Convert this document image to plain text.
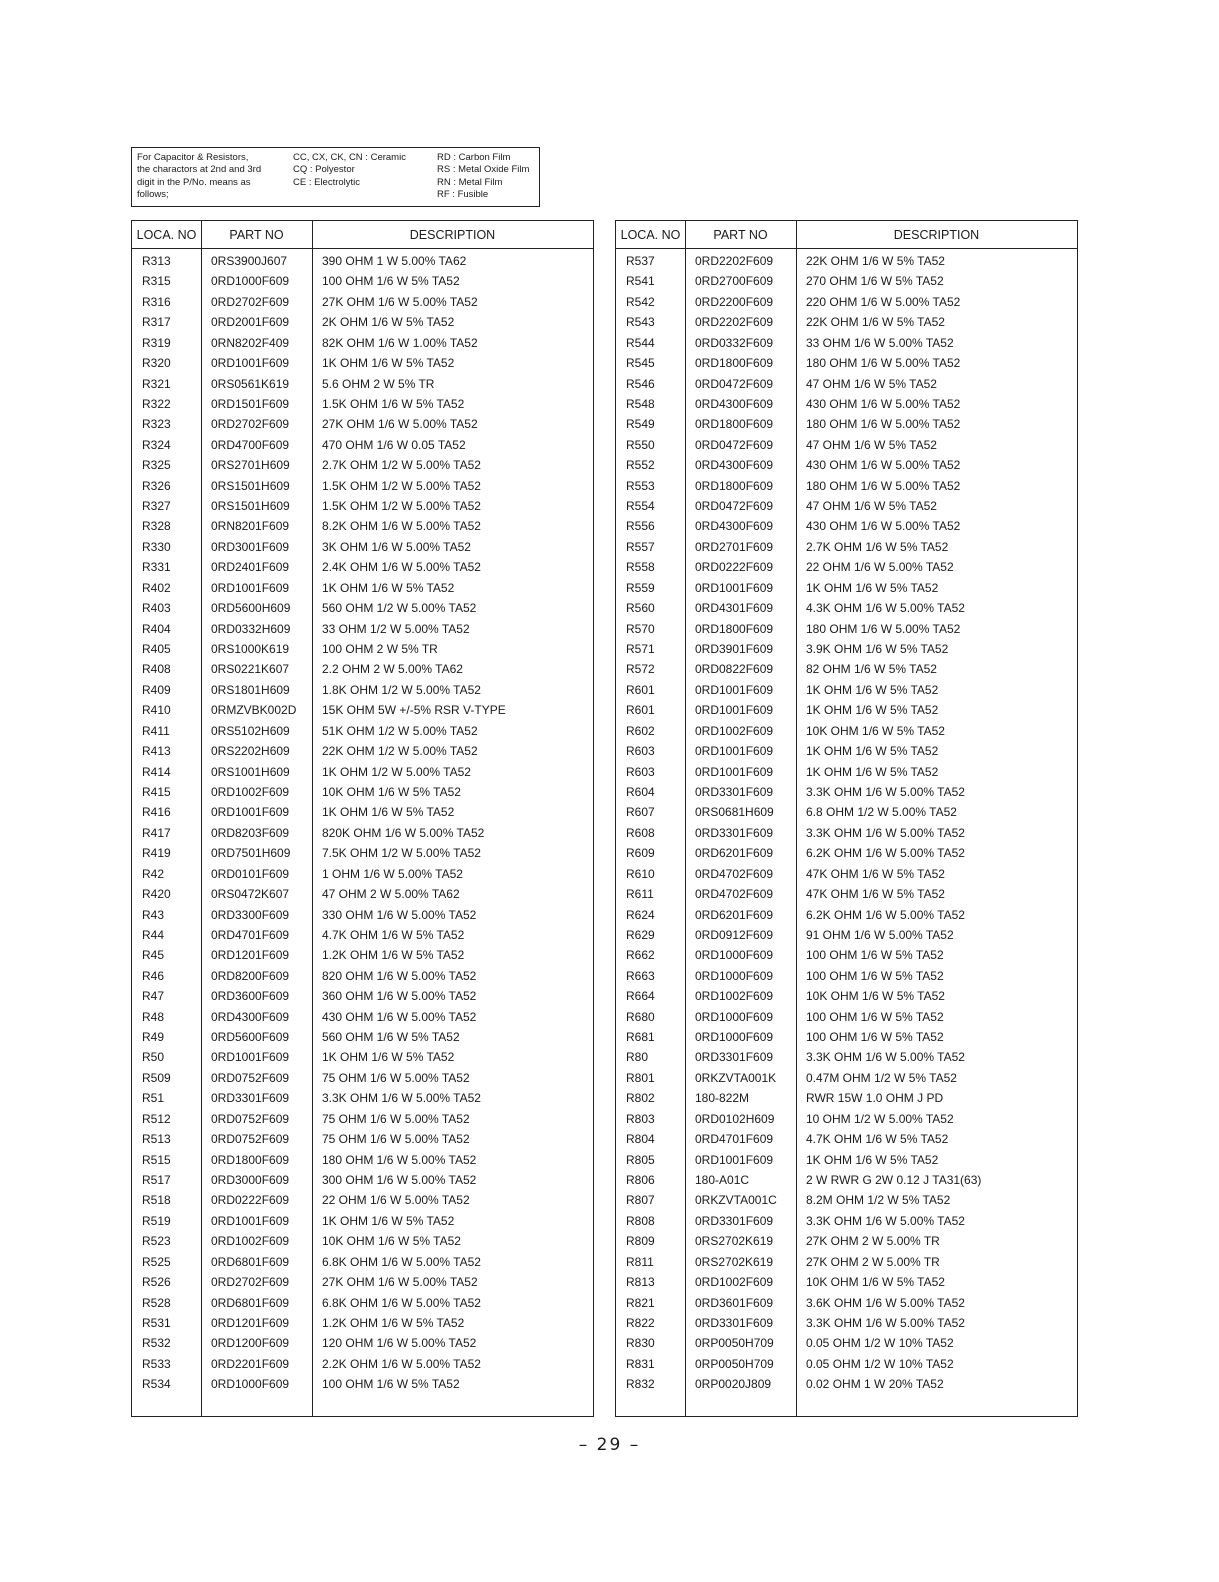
For Capacitor & Resistors,
the charactors at 2nd and 3rd
digit in the P/No. means as
follows;
CC, CX, CK, CN : Ceramic
CQ : Polyestor
CE : Electrolytic
RD : Carbon Film
RS : Metal Oxide Film
RN : Metal Film
RF : Fusible
LOCA. NO	PART NO	DESCRIPTION
R313	0RS3900J607	390 OHM 1 W 5.00% TA62
R315	0RD1000F609	100 OHM 1/6 W 5% TA52
R316	0RD2702F609	27K OHM 1/6 W 5.00% TA52
R317	0RD2001F609	2K OHM 1/6 W 5% TA52
R319	0RN8202F409	82K OHM 1/6 W 1.00% TA52
R320	0RD1001F609	1K OHM 1/6 W 5% TA52
R321	0RS0561K619	5.6 OHM 2 W 5% TR
R322	0RD1501F609	1.5K OHM 1/6 W 5% TA52
R323	0RD2702F609	27K OHM 1/6 W 5.00% TA52
R324	0RD4700F609	470 OHM 1/6 W 0.05 TA52
R325	0RS2701H609	2.7K OHM 1/2 W 5.00% TA52
R326	0RS1501H609	1.5K OHM 1/2 W 5.00% TA52
R327	0RS1501H609	1.5K OHM 1/2 W 5.00% TA52
R328	0RN8201F609	8.2K OHM 1/6 W 5.00% TA52
R330	0RD3001F609	3K OHM 1/6 W 5.00% TA52
R331	0RD2401F609	2.4K OHM 1/6 W 5.00% TA52
R402	0RD1001F609	1K OHM 1/6 W 5% TA52
R403	0RD5600H609	560 OHM 1/2 W 5.00% TA52
R404	0RD0332H609	33 OHM 1/2 W 5.00% TA52
R405	0RS1000K619	100 OHM 2 W 5% TR
R408	0RS0221K607	2.2 OHM 2 W 5.00% TA62
R409	0RS1801H609	1.8K OHM 1/2 W 5.00% TA52
R410	0RMZVBK002D 15K OHM 5W +/-5% RSR V-TYPE
R411	0RS5102H609	51K OHM 1/2 W 5.00% TA52
R413	0RS2202H609	22K OHM 1/2 W 5.00% TA52
R414	0RS1001H609	1K OHM 1/2 W 5.00% TA52
R415	0RD1002F609	10K OHM 1/6 W 5% TA52
R416	0RD1001F609	1K OHM 1/6 W 5% TA52
R417	0RD8203F609	820K OHM 1/6 W 5.00% TA52
R419	0RD7501H609	7.5K OHM 1/2 W 5.00% TA52
R42	0RD0101F609	1 OHM 1/6 W 5.00% TA52
R420	0RS0472K607	47 OHM 2 W 5.00% TA62
R43	0RD3300F609	330 OHM 1/6 W 5.00% TA52
R44	0RD4701F609	4.7K OHM 1/6 W 5% TA52
R45	0RD1201F609	1.2K OHM 1/6 W 5% TA52
R46	0RD8200F609	820 OHM 1/6 W 5.00% TA52
R47	0RD3600F609	360 OHM 1/6 W 5.00% TA52
R48	0RD4300F609	430 OHM 1/6 W 5.00% TA52
R49	0RD5600F609	560 OHM 1/6 W 5% TA52
R50	0RD1001F609	1K OHM 1/6 W 5% TA52
R509	0RD0752F609	75 OHM 1/6 W 5.00% TA52
R51	0RD3301F609	3.3K OHM 1/6 W 5.00% TA52
R512	0RD0752F609	75 OHM 1/6 W 5.00% TA52
R513	0RD0752F609	75 OHM 1/6 W 5.00% TA52
R515	0RD1800F609	180 OHM 1/6 W 5.00% TA52
R517	0RD3000F609	300 OHM 1/6 W 5.00% TA52
R518	0RD0222F609	22 OHM 1/6 W 5.00% TA52
R519	0RD1001F609	1K OHM 1/6 W 5% TA52
R523	0RD1002F609	10K OHM 1/6 W 5% TA52
R525	0RD6801F609	6.8K OHM 1/6 W 5.00% TA52
R526	0RD2702F609	27K OHM 1/6 W 5.00% TA52
R528	0RD6801F609	6.8K OHM 1/6 W 5.00% TA52
R531	0RD1201F609	1.2K OHM 1/6 W 5% TA52
R532	0RD1200F609	120 OHM 1/6 W 5.00% TA52
R533	0RD2201F609	2.2K OHM 1/6 W 5.00% TA52
R534	0RD1000F609	100 OHM 1/6 W 5% TA52
LOCA. NO	PART NO	DESCRIPTION
R537	0RD2202F609	22K OHM 1/6 W 5% TA52
R541	0RD2700F609	270 OHM 1/6 W 5% TA52
R542	0RD2200F609	220 OHM 1/6 W 5.00% TA52
R543	0RD2202F609	22K OHM 1/6 W 5% TA52
R544	0RD0332F609	33 OHM 1/6 W 5.00% TA52
R545	0RD1800F609	180 OHM 1/6 W 5.00% TA52
R546	0RD0472F609	47 OHM 1/6 W 5% TA52
R548	0RD4300F609	430 OHM 1/6 W 5.00% TA52
R549	0RD1800F609	180 OHM 1/6 W 5.00% TA52
R550	0RD0472F609	47 OHM 1/6 W 5% TA52
R552	0RD4300F609	430 OHM 1/6 W 5.00% TA52
R553	0RD1800F609	180 OHM 1/6 W 5.00% TA52
R554	0RD0472F609	47 OHM 1/6 W 5% TA52
R556	0RD4300F609	430 OHM 1/6 W 5.00% TA52
R557	0RD2701F609	2.7K OHM 1/6 W 5% TA52
R558	0RD0222F609	22 OHM 1/6 W 5.00% TA52
R559	0RD1001F609	1K OHM 1/6 W 5% TA52
R560	0RD4301F609	4.3K OHM 1/6 W 5.00% TA52
R570	0RD1800F609	180 OHM 1/6 W 5.00% TA52
R571	0RD3901F609	3.9K OHM 1/6 W 5% TA52
R572	0RD0822F609	82 OHM 1/6 W 5% TA52
R601	0RD1001F609	1K OHM 1/6 W 5% TA52
R601	0RD1001F609	1K OHM 1/6 W 5% TA52
R602	0RD1002F609	10K OHM 1/6 W 5% TA52
R603	0RD1001F609	1K OHM 1/6 W 5% TA52
R603	0RD1001F609	1K OHM 1/6 W 5% TA52
R604	0RD3301F609	3.3K OHM 1/6 W 5.00% TA52
R607	0RS0681H609	6.8 OHM 1/2 W 5.00% TA52
R608	0RD3301F609	3.3K OHM 1/6 W 5.00% TA52
R609	0RD6201F609	6.2K OHM 1/6 W 5.00% TA52
R610	0RD4702F609	47K OHM 1/6 W 5% TA52
R611	0RD4702F609	47K OHM 1/6 W 5% TA52
R624	0RD6201F609	6.2K OHM 1/6 W 5.00% TA52
R629	0RD0912F609	91 OHM 1/6 W 5.00% TA52
R662	0RD1000F609	100 OHM 1/6 W 5% TA52
R663	0RD1000F609	100 OHM 1/6 W 5% TA52
R664	0RD1002F609	10K OHM 1/6 W 5% TA52
R680	0RD1000F609	100 OHM 1/6 W 5% TA52
R681	0RD1000F609	100 OHM 1/6 W 5% TA52
R80	0RD3301F609	3.3K OHM 1/6 W 5.00% TA52
R801	0RKZVTA001K 0.47M OHM 1/2 W 5% TA52
R802	180-822M	RWR 15W 1.0 OHM J PD
R803	0RD0102H609	10 OHM 1/2 W 5.00% TA52
R804	0RD4701F609	4.7K OHM 1/6 W 5% TA52
R805	0RD1001F609	1K OHM 1/6 W 5% TA52
R806	180-A01C	2 W RWR G 2W 0.12 J TA31(63)
R807	0RKZVTA001C 8.2M OHM 1/2 W 5% TA52
R808	0RD3301F609	3.3K OHM 1/6 W 5.00% TA52
R809	0RS2702K619	27K OHM 2 W 5.00% TR
R811	0RS2702K619	27K OHM 2 W 5.00% TR
R813	0RD1002F609	10K OHM 1/6 W 5% TA52
R821	0RD3601F609	3.6K OHM 1/6 W 5.00% TA52
R822	0RD3301F609	3.3K OHM 1/6 W 5.00% TA52
R830	0RP0050H709	0.05 OHM 1/2 W 10% TA52
R831	0RP0050H709	0.05 OHM 1/2 W 10% TA52
R832	0RP0020J809	0.02 OHM 1 W 20% TA52
– 29 –
